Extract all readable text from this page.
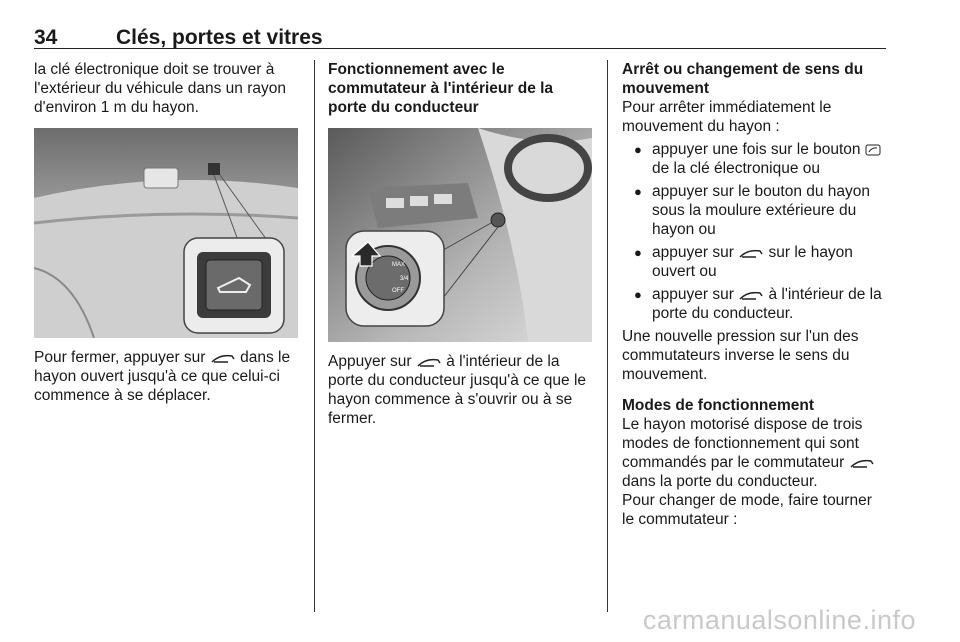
34	Clés, portes et vitres

la clé électronique doit se trouver à l'extérieur du véhicule dans un rayon d'environ 1 m du hayon.

Pour fermer, appuyer sur dans le hayon ouvert jusqu'à ce que celui-ci commence à se déplacer.

Fonctionnement avec le commutateur à l'intérieur de la porte du conducteur

MAX
3/4
OFF

Appuyer sur à l'intérieur de la porte du conducteur jusqu'à ce que le hayon commence à s'ouvrir ou à se fermer.

Arrêt ou changement de sens du mouvement

Pour arrêter immédiatement le mouvement du hayon :

● appuyer une fois sur le bouton  de la clé électronique ou
● appuyer sur le bouton du hayon sous la moulure extérieure du hayon ou
● appuyer sur sur le hayon ouvert ou
● appuyer sur à l'intérieur de la porte du conducteur.

Une nouvelle pression sur l'un des commutateurs inverse le sens du mouvement.

Modes de fonctionnement

Le hayon motorisé dispose de trois modes de fonctionnement qui sont commandés par le commutateur  dans la porte du conducteur.

Pour changer de mode, faire tourner le commutateur :

carmanualsonline.info
